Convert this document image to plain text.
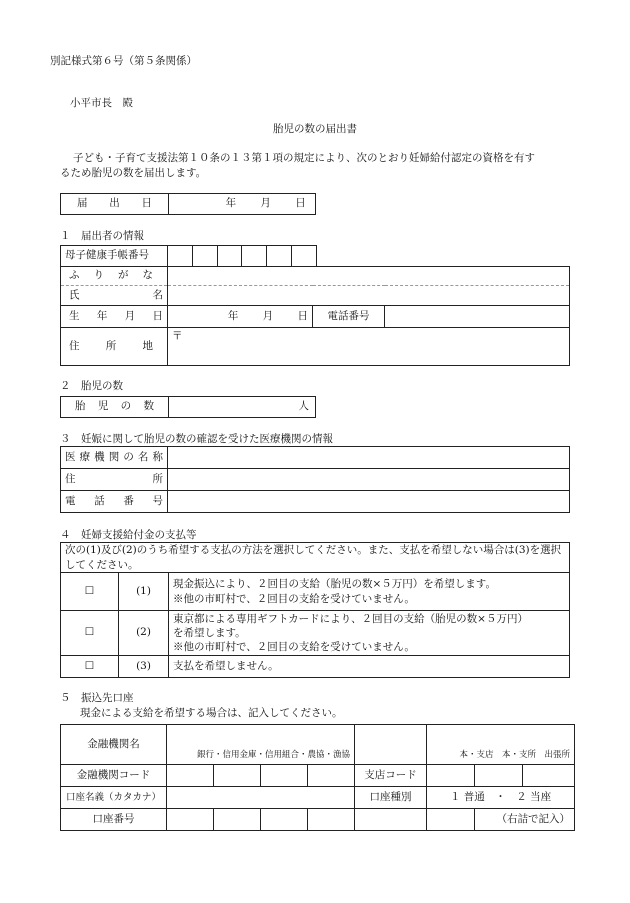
別記様式第６号（第５条関係）
小平市長　殿
胎児の数の届出書
子ども・子育て支援法第１０条の１３第１項の規定により、次のとおり妊婦給付認定の資格を有す
るため胎児の数を届出します。
届出日	年   月   日 
１　届出者の情報
母子健康手帳番号						
ふりがな			

氏名			

生年月日	年   月   日	電話番号	

住所地	〒		
２　胎児の数
胎児の数	人
３　妊娠に関して胎児の数の確認を受けた医療機関の情報
医療機関の名称	

住所	

電話番号	

４　妊婦支援給付金の支払等
次の(1)及び(2)のうち希望する支払の方法を選択してください。また、支払を希望しない場合は(3)を選択してください。		
☐	(1)	現金振込により、２回目の支給（胎児の数×５万円）を希望します。
※他の市町村で、２回目の支給を受けていません。

☐	(2)	東京都による専用ギフトカードにより、２回目の支給（胎児の数×５万円）
を希望します。
※他の市町村で、２回目の支給を受けていません。

☐	(3)	支払を希望しません。
５　振込先口座
現金による支給を希望する場合は、記入してください。
金融機関名	銀行・信用金庫・信用組合・農協・漁協					本・支店　本・支所　出張所		

金融機関コード					支店コード			
口座名義（カタカナ）					口座種別	１ 普通　・　２ 当座		
口座番号							（右詰で記入）	
